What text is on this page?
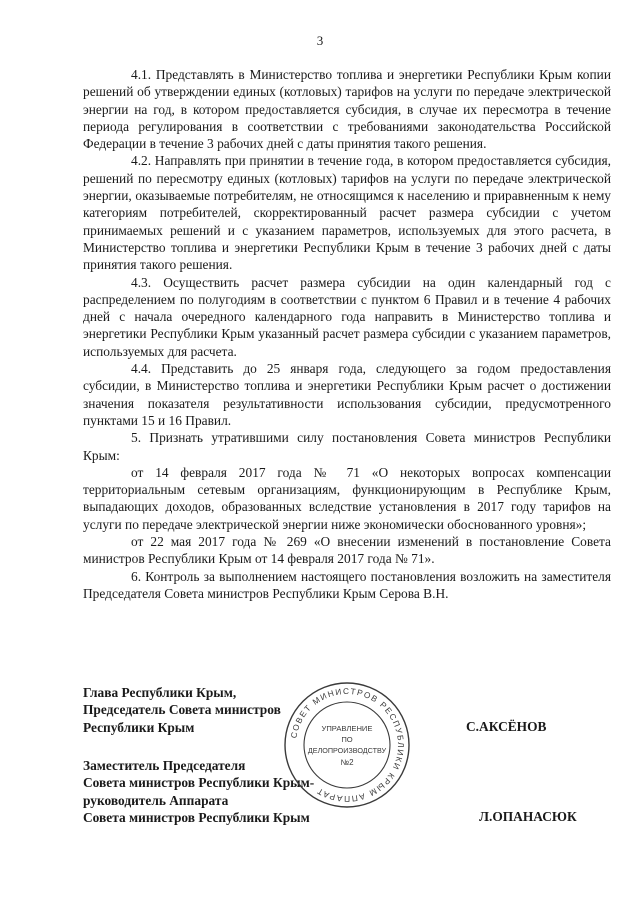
3

4.1. Представлять в Министерство топлива и энергетики Республики Крым копии решений об утверждении единых (котловых) тарифов на услуги по передаче электрической энергии на год, в котором предоставляется субсидия, в случае их пересмотра в течение периода регулирования в соответствии с требованиями законодательства Российской Федерации в течение 3 рабочих дней с даты принятия такого решения.

4.2. Направлять при принятии в течение года, в котором предоставляется субсидия, решений по пересмотру единых (котловых) тарифов на услуги по передаче электрической энергии, оказываемые потребителям, не относящимся к населению и приравненным к нему категориям потребителей, скорректированный расчет размера субсидии с учетом принимаемых решений и с указанием параметров, используемых для этого расчета, в Министерство топлива и энергетики Республики Крым в течение 3 рабочих дней с даты принятия такого решения.

4.3. Осуществить расчет размера субсидии на один календарный год с распределением по полугодиям в соответствии с пунктом 6 Правил и в течение 4 рабочих дней с начала очередного календарного года направить в Министерство топлива и энергетики Республики Крым указанный расчет размера субсидии с указанием параметров, используемых для расчета.

4.4. Представить до 25 января года, следующего за годом предоставления субсидии, в Министерство топлива и энергетики Республики Крым расчет о достижении значения показателя результативности использования субсидии, предусмотренного пунктами 15 и 16 Правил.

5. Признать утратившими силу постановления Совета министров Республики Крым:

от 14 февраля 2017 года № 71 «О некоторых вопросах компенсации территориальным сетевым организациям, функционирующим в Республике Крым, выпадающих доходов, образованных вследствие установления в 2017 году тарифов на услуги по передаче электрической энергии ниже экономически обоснованного уровня»;

от 22 мая 2017 года № 269 «О внесении изменений в постановление Совета министров Республики Крым от 14 февраля 2017 года № 71».

6. Контроль за выполнением настоящего постановления возложить на заместителя Председателя Совета министров Республики Крым Серова В.Н.

Глава Республики Крым,
Председатель Совета министров
Республики Крым	С.АКСЁНОВ
Заместитель Председателя
Совета министров Республики Крым-
руководитель Аппарата
Совета министров Республики Крым	Л.ОПАНАСЮК
СОВЕТ МИНИСТРОВ РЕСПУБЛИКИ КРЫМ АППАРАТ
УПРАВЛЕНИЕ
ПО
ДЕЛОПРОИЗВОДСТВУ
№2
